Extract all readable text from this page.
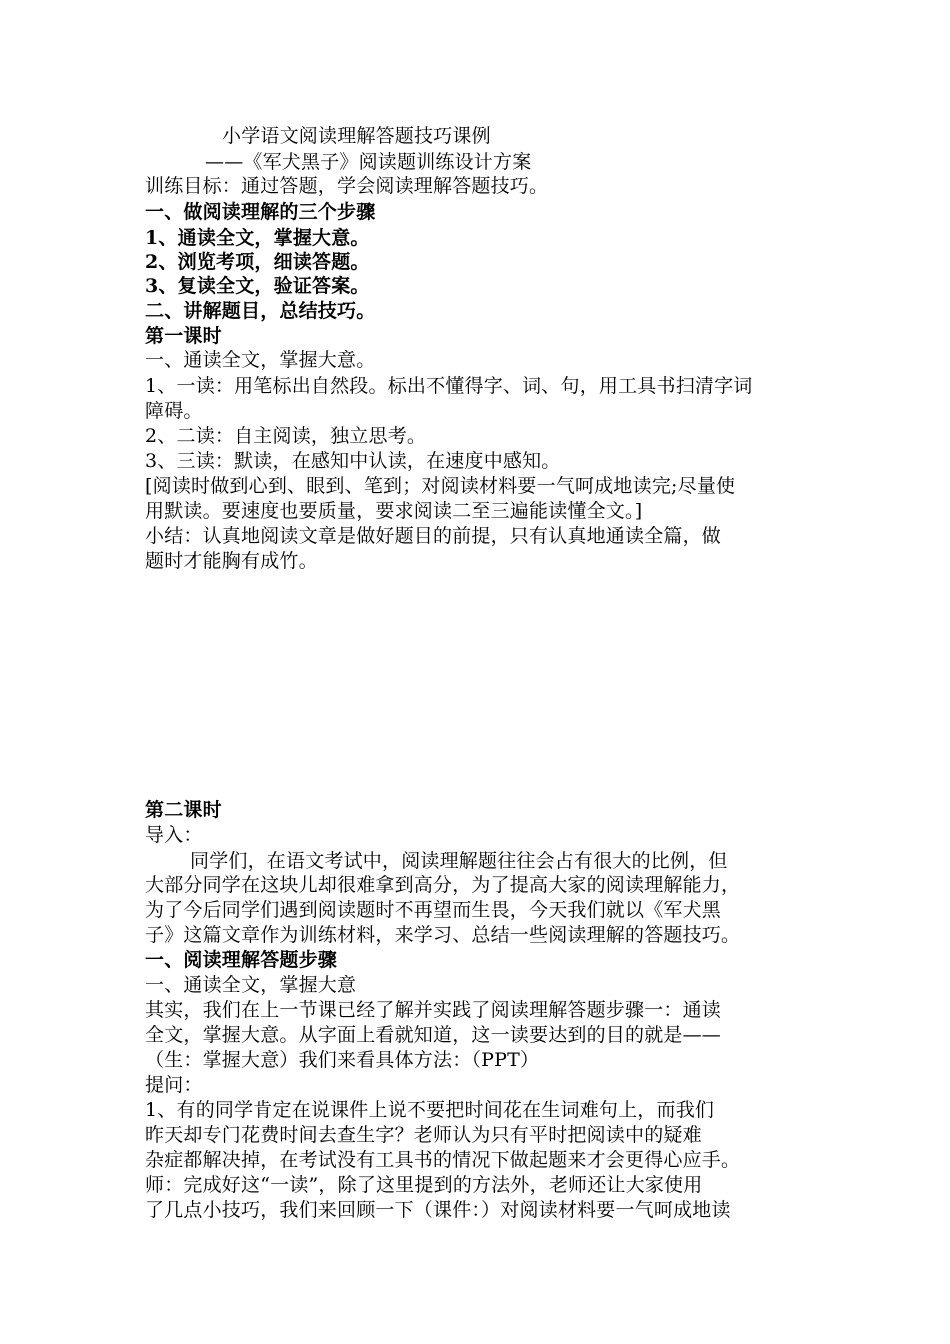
小学语文阅读理解答题技巧课例
——《军犬黑子》阅读题训练设计方案
训练目标：通过答题，学会阅读理解答题技巧。
一、做阅读理解的三个步骤
1、通读全文，掌握大意。
2、浏览考项，细读答题。
3、复读全文，验证答案。
二、讲解题目，总结技巧。
第一课时
一、通读全文，掌握大意。
1、一读：用笔标出自然段。标出不懂得字、词、句，用工具书扫清字词
障碍。
2、二读：自主阅读，独立思考。
3、三读：默读，在感知中认读，在速度中感知。
[阅读时做到心到、眼到、笔到；对阅读材料要一气呵成地读完;尽量使
用默读。要速度也要质量，要求阅读二至三遍能读懂全文。]
小结：认真地阅读文章是做好题目的前提，只有认真地通读全篇，做
题时才能胸有成竹。
第二课时
导入：
同学们，在语文考试中，阅读理解题往往会占有很大的比例，但
大部分同学在这块儿却很难拿到高分，为了提高大家的阅读理解能力，
为了今后同学们遇到阅读题时不再望而生畏，今天我们就以《军犬黑
子》这篇文章作为训练材料，来学习、总结一些阅读理解的答题技巧。
一、阅读理解答题步骤
一、通读全文，掌握大意
其实，我们在上一节课已经了解并实践了阅读理解答题步骤一：通读
全文，掌握大意。从字面上看就知道，这一读要达到的目的就是——
（生：掌握大意）我们来看具体方法：（PPT）
提问：
1、有的同学肯定在说课件上说不要把时间花在生词难句上，而我们
昨天却专门花费时间去查生字？老师认为只有平时把阅读中的疑难
杂症都解决掉，在考试没有工具书的情况下做起题来才会更得心应手。
师：完成好这“一读”，除了这里提到的方法外，老师还让大家使用
了几点小技巧，我们来回顾一下（课件：）对阅读材料要一气呵成地读
